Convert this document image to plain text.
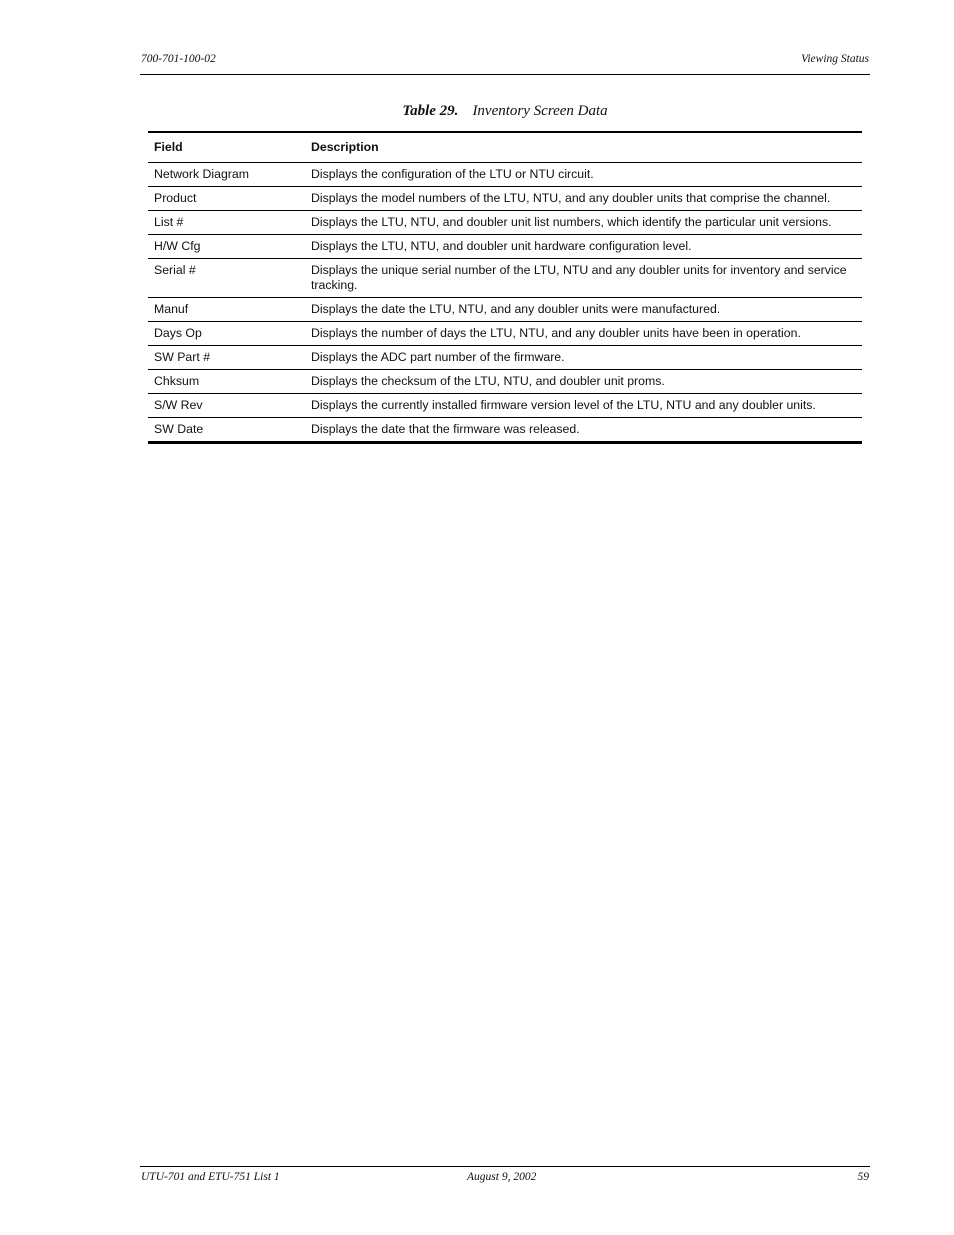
700-701-100-02	Viewing Status
Table 29. Inventory Screen Data
Field	Description
Network Diagram	Displays the configuration of the LTU or NTU circuit.
Product	Displays the model numbers of the LTU, NTU, and any doubler units that comprise the channel.
List #	Displays the LTU, NTU, and doubler unit list numbers, which identify the particular unit versions.
H/W Cfg	Displays the LTU, NTU, and doubler unit hardware configuration level.
Serial #	Displays the unique serial number of the LTU, NTU and any doubler units for inventory and service tracking.
Manuf	Displays the date the LTU, NTU, and any doubler units were manufactured.
Days Op	Displays the number of days the LTU, NTU, and any doubler units have been in operation.
SW Part #	Displays the ADC part number of the firmware.
Chksum	Displays the checksum of the LTU, NTU, and doubler unit proms.
S/W Rev	Displays the currently installed firmware version level of the LTU, NTU and any doubler units.
SW Date	Displays the date that the firmware was released.
UTU-701 and ETU-751 List 1	August 9, 2002	59
